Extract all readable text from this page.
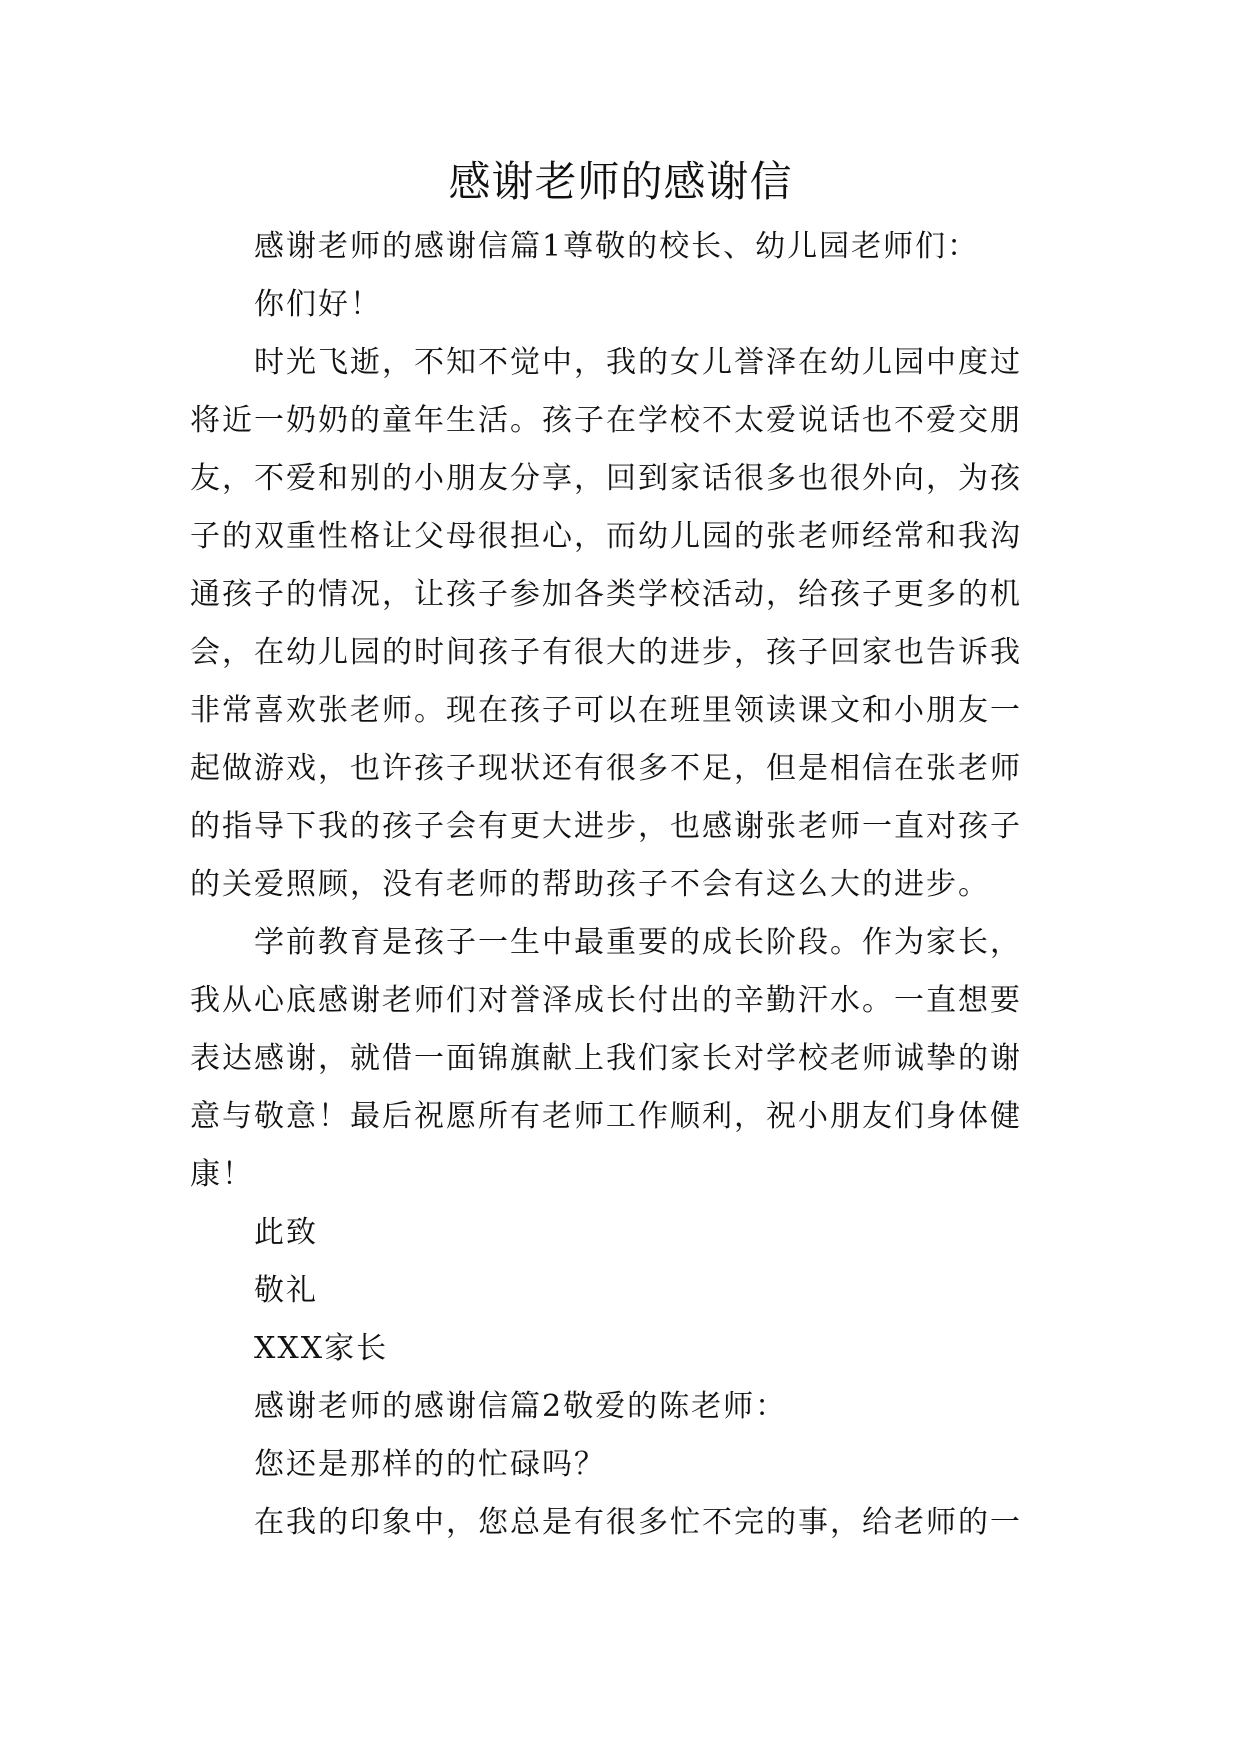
感谢老师的感谢信
感谢老师的感谢信篇1尊敬的校长、幼儿园老师们：
你们好！
时光飞逝，不知不觉中，我的女儿誉泽在幼儿园中度过
将近一奶奶的童年生活。孩子在学校不太爱说话也不爱交朋
友，不爱和别的小朋友分享，回到家话很多也很外向，为孩
子的双重性格让父母很担心，而幼儿园的张老师经常和我沟
通孩子的情况，让孩子参加各类学校活动，给孩子更多的机
会，在幼儿园的时间孩子有很大的进步，孩子回家也告诉我
非常喜欢张老师。现在孩子可以在班里领读课文和小朋友一
起做游戏，也许孩子现状还有很多不足，但是相信在张老师
的指导下我的孩子会有更大进步，也感谢张老师一直对孩子
的关爱照顾，没有老师的帮助孩子不会有这么大的进步。
学前教育是孩子一生中最重要的成长阶段。作为家长，
我从心底感谢老师们对誉泽成长付出的辛勤汗水。一直想要
表达感谢，就借一面锦旗献上我们家长对学校老师诚挚的谢
意与敬意！最后祝愿所有老师工作顺利，祝小朋友们身体健
康！
此致
敬礼
XXX家长
感谢老师的感谢信篇2敬爱的陈老师：
您还是那样的的忙碌吗？
在我的印象中，您总是有很多忙不完的事，给老师的一
